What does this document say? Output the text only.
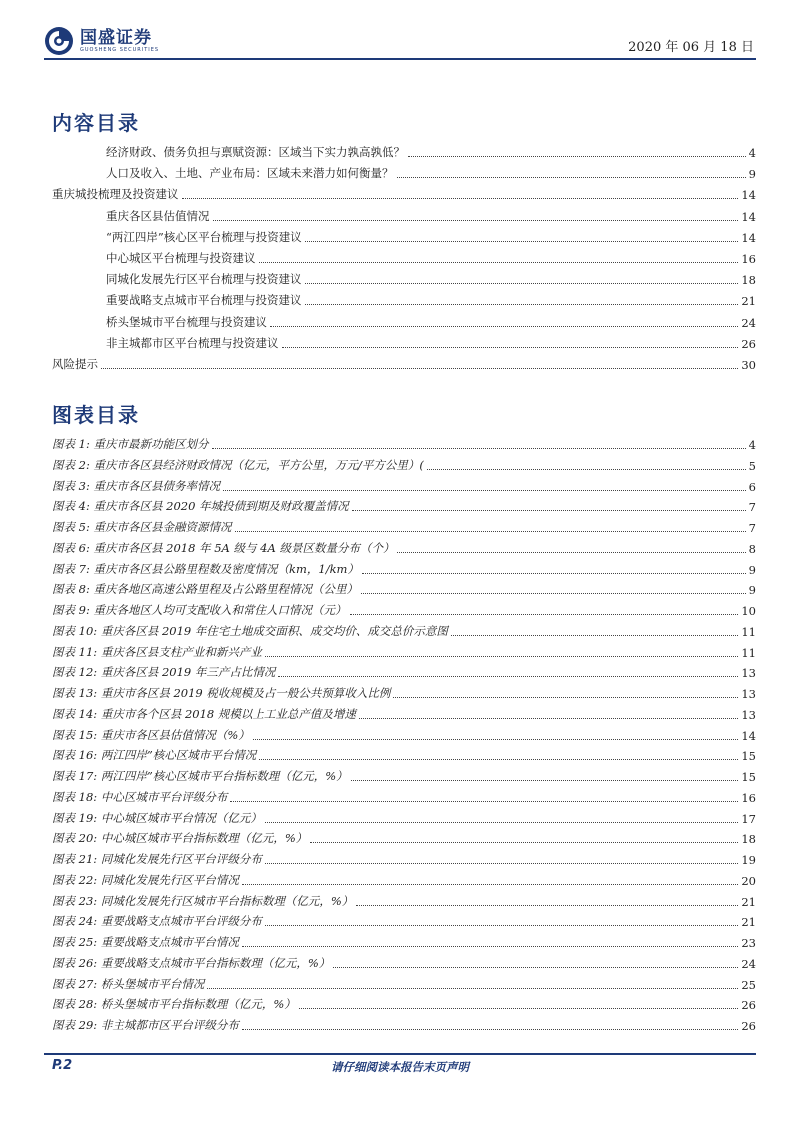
国盛证券
GUOSHENG SECURITIES	2020 年 06 月 18 日
内容目录
经济财政、债务负担与禀赋资源：区域当下实力孰高孰低？	4
人口及收入、土地、产业布局：区域未来潜力如何衡量？	9
重庆城投梳理及投资建议	14
重庆各区县估值情况	14
“两江四岸”核心区平台梳理与投资建议	14
中心城区平台梳理与投资建议	16
同城化发展先行区平台梳理与投资建议	18
重要战略支点城市平台梳理与投资建议	21
桥头堡城市平台梳理与投资建议	24
非主城都市区平台梳理与投资建议	26
风险提示	30
图表目录
图表 1: 重庆市最新功能区划分	4
图表 2: 重庆市各区县经济财政情况（亿元，平方公里，万元/平方公里）(	5
图表 3: 重庆市各区县债务率情况	6
图表 4: 重庆市各区县 2020 年城投债到期及财政覆盖情况	7
图表 5: 重庆市各区县金融资源情况	7
图表 6: 重庆市各区县 2018 年 5A 级与 4A 级景区数量分布（个）	8
图表 7: 重庆市各区县公路里程数及密度情况（km，1/km）	9
图表 8: 重庆各地区高速公路里程及占公路里程情况（公里）	9
图表 9: 重庆各地区人均可支配收入和常住人口情况（元）	10
图表 10: 重庆各区县 2019 年住宅土地成交面积、成交均价、成交总价示意图	11
图表 11: 重庆各区县支柱产业和新兴产业	11
图表 12: 重庆各区县 2019 年三产占比情况	13
图表 13: 重庆市各区县 2019 税收规模及占一般公共预算收入比例	13
图表 14: 重庆市各个区县 2018 规模以上工业总产值及增速	13
图表 15: 重庆市各区县估值情况（%）	14
图表 16: 两江四岸”核心区城市平台情况	15
图表 17: 两江四岸”核心区城市平台指标数理（亿元，%）	15
图表 18: 中心区城市平台评级分布	16
图表 19: 中心城区城市平台情况（亿元）	17
图表 20: 中心城区城市平台指标数理（亿元，%）	18
图表 21: 同城化发展先行区平台评级分布	19
图表 22: 同城化发展先行区平台情况	20
图表 23: 同城化发展先行区城市平台指标数理（亿元，%）	21
图表 24: 重要战略支点城市平台评级分布	21
图表 25: 重要战略支点城市平台情况	23
图表 26: 重要战略支点城市平台指标数理（亿元，%）	24
图表 27: 桥头堡城市平台情况	25
图表 28: 桥头堡城市平台指标数理（亿元，%）	26
图表 29: 非主城都市区平台评级分布	26
P.2	请仔细阅读本报告末页声明
